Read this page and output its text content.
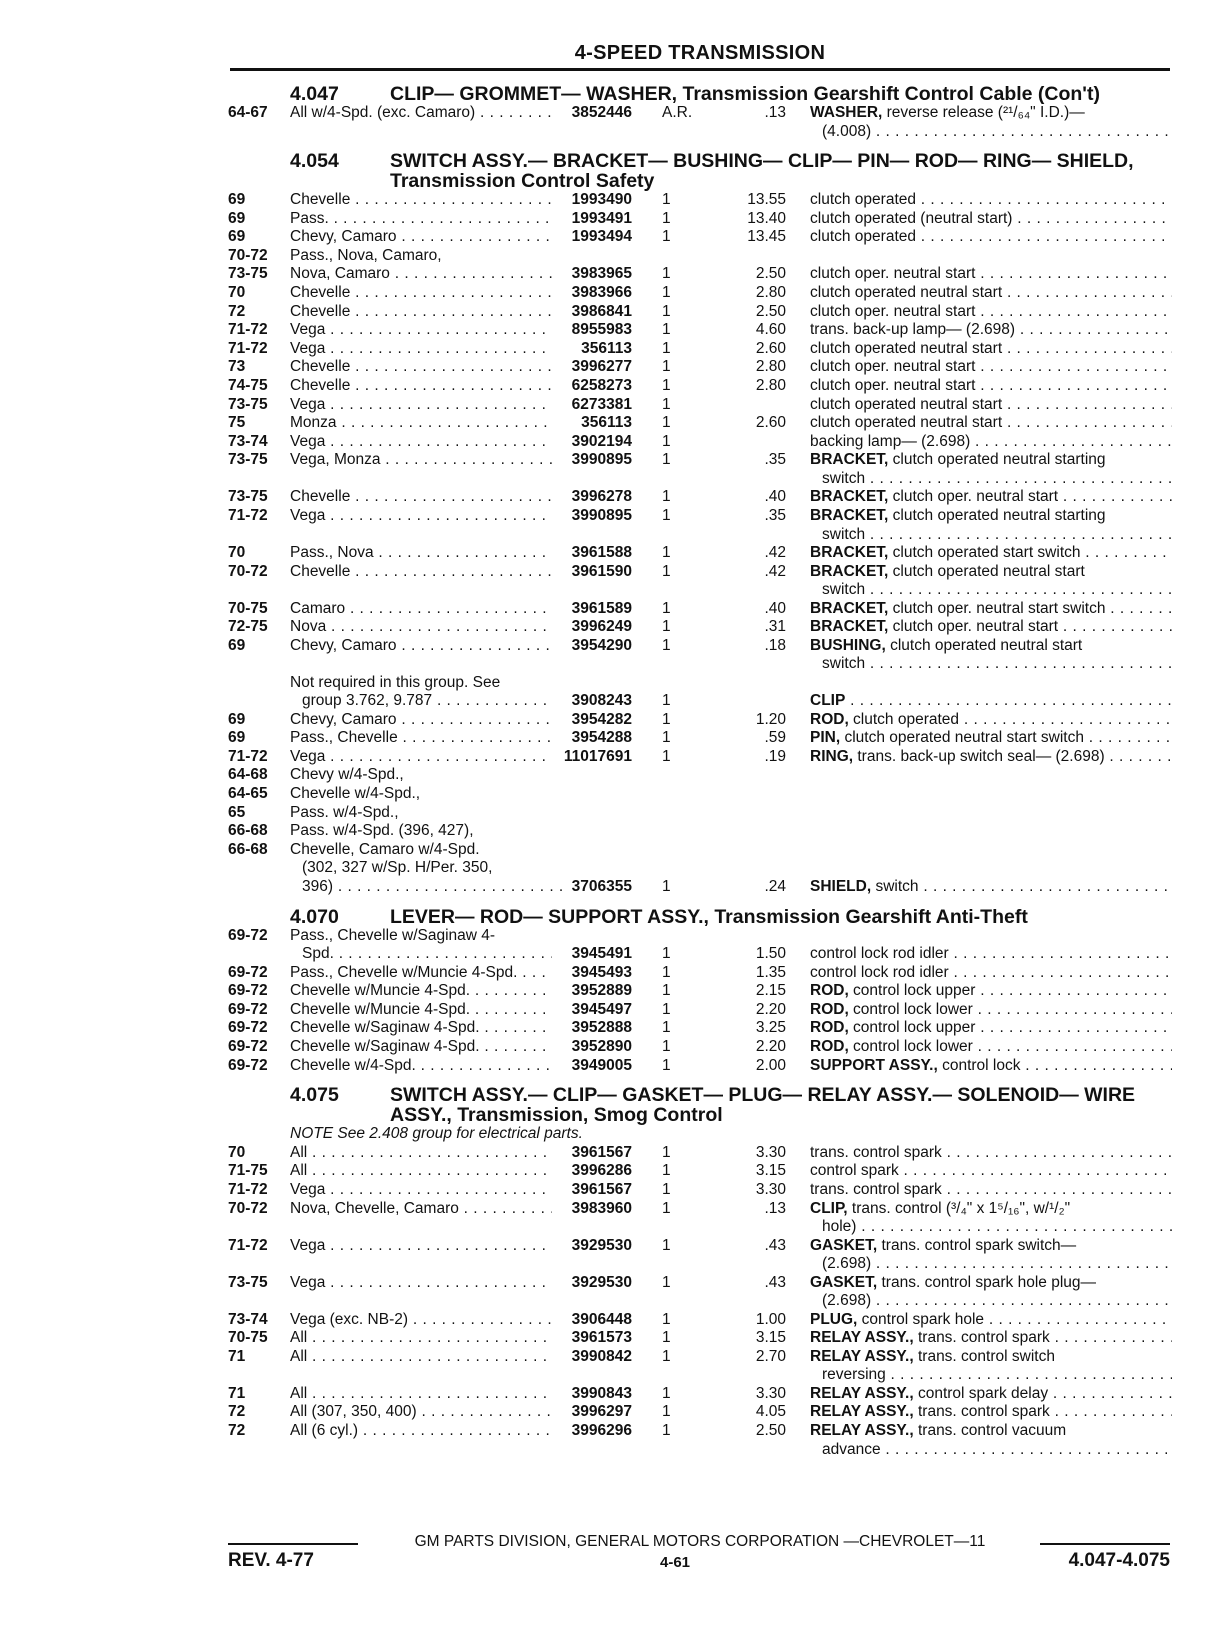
4-SPEED TRANSMISSION
4.047	CLIP— GROMMET— WASHER, Transmission Gearshift Control Cable (Con't)
64-67	All w/4-Spd. (exc. Camaro) . . .	3852446 A.R.	.13 WASHER, reverse release (²¹/₆₄" I.D.)—
(4.008) . . .
4.054	SWITCH ASSY.— BRACKET— BUSHING— CLIP— PIN— ROD— RING— SHIELD, Transmission Control Safety
69	Chevelle . . .	1993490 1	13.55 clutch operated . . .
69	Pass. . . .	1993491 1	13.40 clutch operated (neutral start) . . .
69	Chevy, Camaro . . .	1993494 1	13.45 clutch operated . . .
70-72	Pass., Nova, Camaro,
73-75	Nova, Camaro . . .	3983965 1	2.50 clutch oper. neutral start . . .
70	Chevelle . . .	3983966 1	2.80 clutch operated neutral start . . .
72	Chevelle . . .	3986841 1	2.50 clutch oper. neutral start . . .
71-72	Vega . . .	8955983 1	4.60 trans. back-up lamp— (2.698) . . .
71-72	Vega . . .	356113 1	2.60 clutch operated neutral start . . .
73	Chevelle . . .	3996277 1	2.80 clutch oper. neutral start . . .
74-75	Chevelle . . .	6258273 1	2.80 clutch oper. neutral start . . .
73-75	Vega . . .	6273381 1	clutch operated neutral start . . .
75	Monza . . .	356113 1	2.60 clutch operated neutral start . . .
73-74	Vega . . .	3902194 1	backing lamp— (2.698) . . .
73-75	Vega, Monza . . .	3990895 1	.35 BRACKET, clutch operated neutral starting
switch . . .
73-75	Chevelle . . .	3996278 1	.40 BRACKET, clutch oper. neutral start . . .
71-72	Vega . . .	3990895 1	.35 BRACKET, clutch operated neutral starting
switch . . .
70	Pass., Nova . . .	3961588 1	.42 BRACKET, clutch operated start switch . . .
70-72	Chevelle . . .	3961590 1	.42 BRACKET, clutch operated neutral start
switch . . .
70-75	Camaro . . .	3961589 1	.40 BRACKET, clutch oper. neutral start switch . . .
72-75	Nova . . .	3996249 1	.31 BRACKET, clutch oper. neutral start . . .
69	Chevy, Camaro . . .	3954290 1	.18 BUSHING, clutch operated neutral start
switch . . .
Not required in this group. See
group 3.762, 9.787 . . .	3908243 1	CLIP . . .
69	Chevy, Camaro . . .	3954282 1	1.20 ROD, clutch operated . . .
69	Pass., Chevelle . . .	3954288 1	.59 PIN, clutch operated neutral start switch . . .
71-72	Vega . . .	11017691 1	.19 RING, trans. back-up switch seal— (2.698) . . .
64-68	Chevy w/4-Spd.,
64-65	Chevelle w/4-Spd.,
65	Pass. w/4-Spd.,
66-68	Pass. w/4-Spd. (396, 427),
66-68	Chevelle, Camaro w/4-Spd.
(302, 327 w/Sp. H/Per. 350,
396) . . .	3706355 1	.24 SHIELD, switch . . .
4.070	LEVER— ROD— SUPPORT ASSY., Transmission Gearshift Anti-Theft
69-72	Pass., Chevelle w/Saginaw 4-
Spd. . . .	3945491 1	1.50 control lock rod idler . . .
69-72	Pass., Chevelle w/Muncie 4-Spd. . . .	3945493 1	1.35 control lock rod idler . . .
69-72	Chevelle w/Muncie 4-Spd. . . .	3952889 1	2.15 ROD, control lock upper . . .
69-72	Chevelle w/Muncie 4-Spd. . . .	3945497 1	2.20 ROD, control lock lower . . .
69-72	Chevelle w/Saginaw 4-Spd. . . .	3952888 1	3.25 ROD, control lock upper . . .
69-72	Chevelle w/Saginaw 4-Spd. . . .	3952890 1	2.20 ROD, control lock lower . . .
69-72	Chevelle w/4-Spd. . . .	3949005 1	2.00 SUPPORT ASSY., control lock . . .
4.075	SWITCH ASSY.— CLIP— GASKET— PLUG— RELAY ASSY.— SOLENOID— WIRE ASSY., Transmission, Smog Control
NOTE See 2.408 group for electrical parts.
70	All . . .	3961567 1	3.30 trans. control spark . . .
71-75	All . . .	3996286 1	3.15 control spark . . .
71-72	Vega . . .	3961567 1	3.30 trans. control spark . . .
70-72	Nova, Chevelle, Camaro . . .	3983960 1	.13 CLIP, trans. control (³/₄" x 1⁵/₁₆", w/¹/₂"
hole) . . .
71-72	Vega . . .	3929530 1	.43 GASKET, trans. control spark switch—
(2.698) . . .
73-75	Vega . . .	3929530 1	.43 GASKET, trans. control spark hole plug—
(2.698) . . .
73-74	Vega (exc. NB-2) . . .	3906448 1	1.00 PLUG, control spark hole . . .
70-75	All . . .	3961573 1	3.15 RELAY ASSY., trans. control spark . . .
71	All . . .	3990842 1	2.70 RELAY ASSY., trans. control switch
reversing . . .
71	All . . .	3990843 1	3.30 RELAY ASSY., control spark delay . . .
72	All (307, 350, 400) . . .	3996297 1	4.05 RELAY ASSY., trans. control spark . . .
72	All (6 cyl.) . . .	3996296 1	2.50 RELAY ASSY., trans. control vacuum
advance . . .
GM PARTS DIVISION, GENERAL MOTORS CORPORATION —CHEVROLET—11
REV. 4-77	4-61	4.047-4.075
